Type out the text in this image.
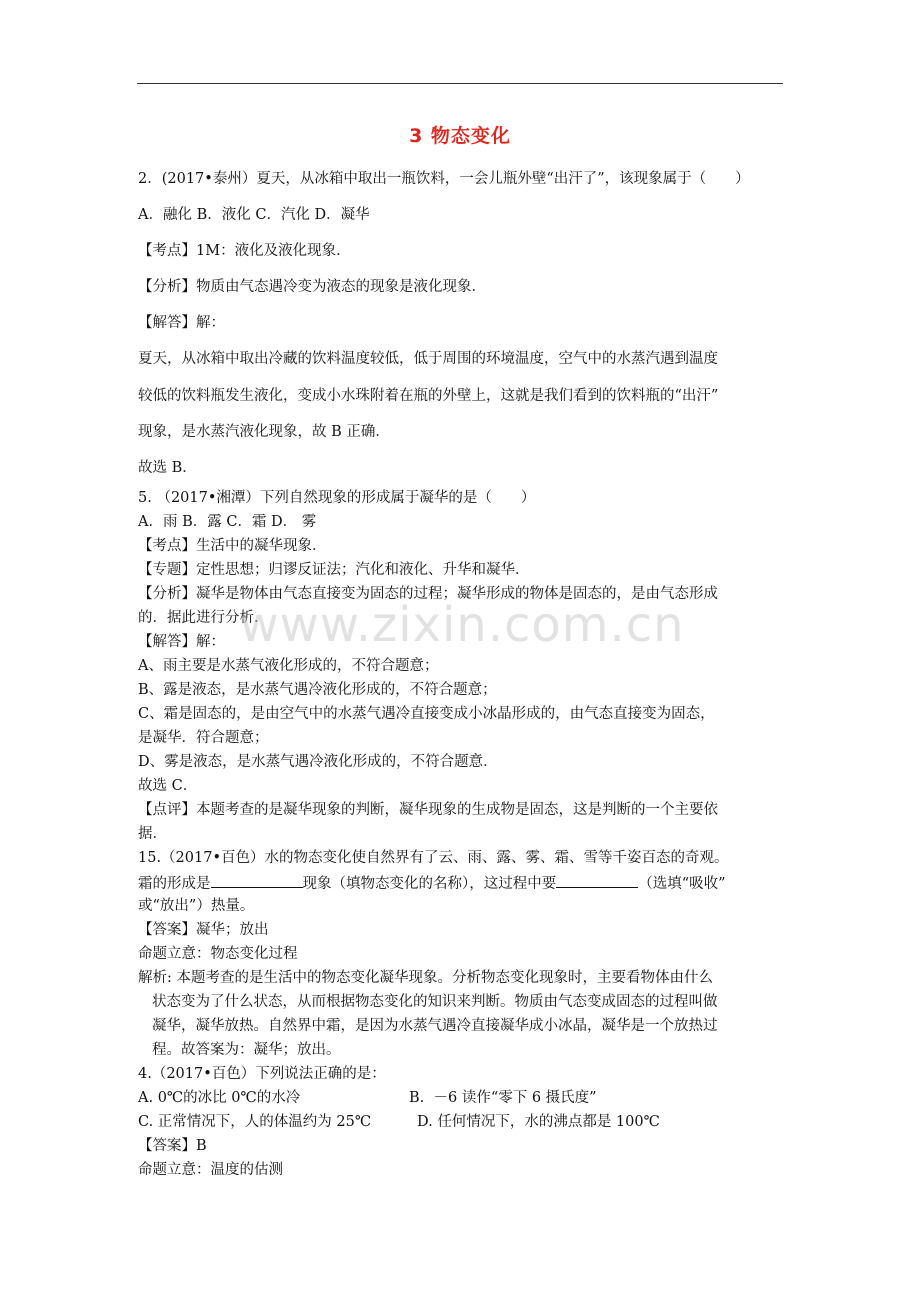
3 物态变化
2．(2017•泰州）夏天，从冰箱中取出一瓶饮料，一会儿瓶外壁“出汗了”，该现象属于（　　）
A．融化 B．液化 C．汽化 D．凝华
【考点】1M：液化及液化现象．
【分析】物质由气态遇冷变为液态的现象是液化现象．
【解答】解：
夏天，从冰箱中取出冷藏的饮料温度较低，低于周围的环境温度，空气中的水蒸汽遇到温度
较低的饮料瓶发生液化，变成小水珠附着在瓶的外壁上，这就是我们看到的饮料瓶的“出汗”
现象，是水蒸汽液化现象，故 B 正确．
故选 B．
5. （2017•湘潭）下列自然现象的形成属于凝华的是（　　）
A．雨 B．露 C．霜 D． 雾
【考点】生活中的凝华现象．
【专题】定性思想；归谬反证法；汽化和液化、升华和凝华．
【分析】凝华是物体由气态直接变为固态的过程；凝华形成的物体是固态的，是由气态形成
的．据此进行分析．
【解答】解：
A、雨主要是水蒸气液化形成的，不符合题意；
B、露是液态，是水蒸气遇冷液化形成的，不符合题意；
C、霜是固态的，是由空气中的水蒸气遇冷直接变成小冰晶形成的，由气态直接变为固态，
是凝华．符合题意；
D、雾是液态，是水蒸气遇冷液化形成的，不符合题意．
故选 C．
【点评】本题考查的是凝华现象的判断，凝华现象的生成物是固态，这是判断的一个主要依
据．
15.（2017•百色）水的物态变化使自然界有了云、雨、露、雾、霜、雪等千姿百态的奇观。
霜的形成是	现象（填物态变化的名称），这过程中要	（选填“吸收”
或“放出”）热量。
【答案】凝华；放出
命题立意：物态变化过程
解析: 本题考查的是生活中的物态变化凝华现象。分析物态变化现象时，主要看物体由什么
状态变为了什么状态，从而根据物态变化的知识来判断。物质由气态变成固态的过程叫做
凝华，凝华放热。自然界中霜，是因为水蒸气遇冷直接凝华成小冰晶，凝华是一个放热过
程。故答案为：凝华；放出。
4.（2017•百色）下列说法正确的是：
A. 0℃的冰比 0℃的水冷	B.  －6 读作“零下 6 摄氏度”
C. 正常情况下，人的体温约为 25℃	D. 任何情况下，水的沸点都是 100℃
【答案】B
命题立意：温度的估测
www.zixin.com.cn
